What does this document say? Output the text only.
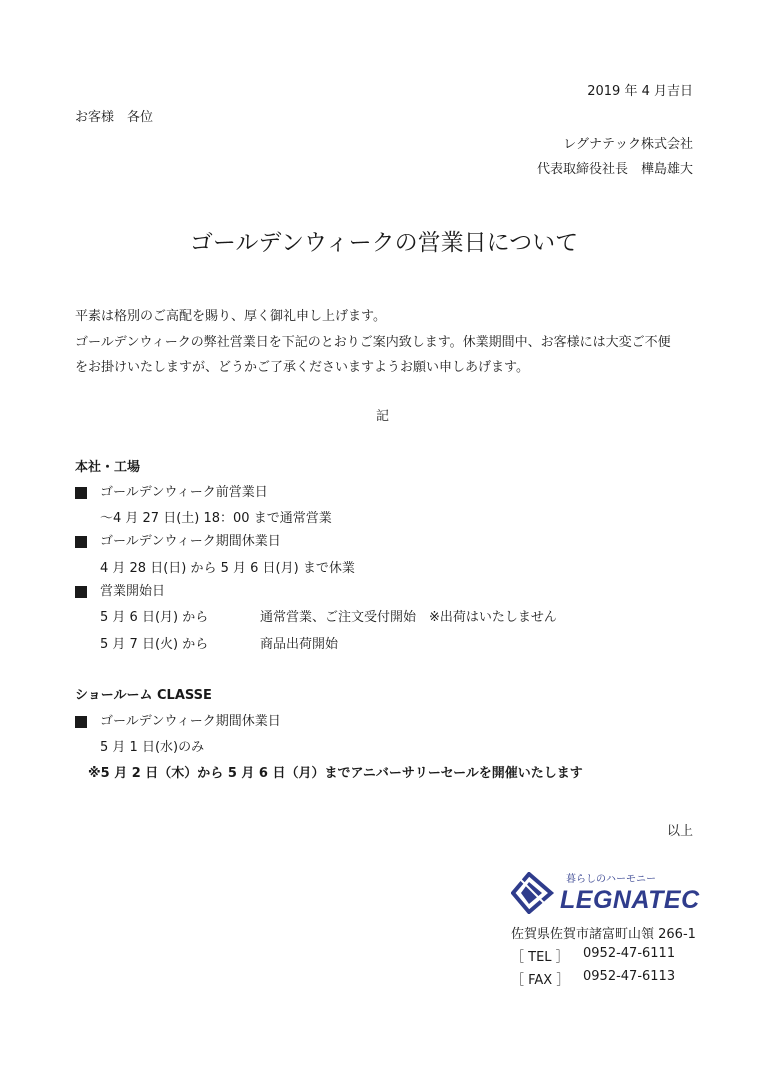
2019 年 4 月吉日
お客様　各位
レグナテック株式会社
代表取締役社長　樺島雄大
ゴールデンウィークの営業日について
平素は格別のご高配を賜り、厚く御礼申し上げます。
ゴールデンウィークの弊社営業日を下記のとおりご案内致します。休業期間中、お客様には大変ご不便
をお掛けいたしますが、どうかご了承くださいますようお願い申しあげます。
記
本社・工場
ゴールデンウィーク前営業日
～4 月 27 日(土) 18：00 まで通常営業
ゴールデンウィーク期間休業日
4 月 28 日(日) から 5 月 6 日(月) まで休業
営業開始日
5 月 6 日(月) から	通常営業、ご注文受付開始　※出荷はいたしません
5 月 7 日(火) から	商品出荷開始
ショールーム CLASSE
ゴールデンウィーク期間休業日
5 月 1 日(水)のみ
※5 月 2 日（木）から 5 月 6 日（月）までアニバーサリーセールを開催いたします
以上
暮らしのハーモニー
LEGNATEC
佐賀県佐賀市諸富町山領 266-1
［ TEL ］ 0952-47-6111
［ FAX ］ 0952-47-6113
